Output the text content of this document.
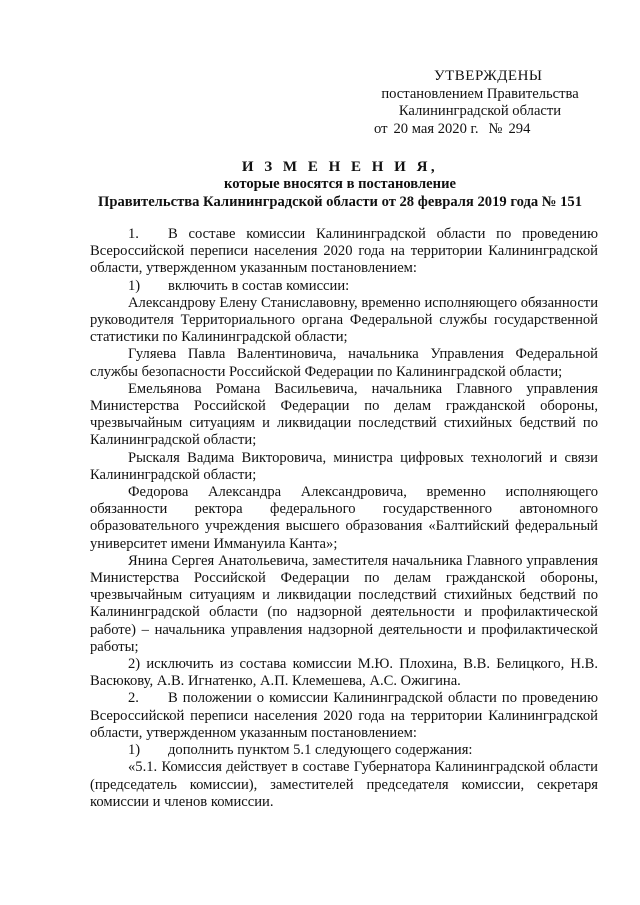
УТВЕРЖДЕНЫ
постановлением Правительства
Калининградской области
от 20 мая 2020 г. № 294
И З М Е Н Е Н И Я,
которые вносятся в постановление
Правительства Калининградской области от 28 февраля 2019 года № 151

1. В составе комиссии Калининградской области по проведению Всероссийской переписи населения 2020 года на территории Калининградской области, утвержденном указанным постановлением:

1) включить в состав комиссии:

Александрову Елену Станиславовну, временно исполняющего обязанности руководителя Территориального органа Федеральной службы государственной статистики по Калининградской области;

Гуляева Павла Валентиновича, начальника Управления Федеральной службы безопасности Российской Федерации по Калининградской области;

Емельянова Романа Васильевича, начальника Главного управления Министерства Российской Федерации по делам гражданской обороны, чрезвычайным ситуациям и ликвидации последствий стихийных бедствий по Калининградской области;

Рыскаля Вадима Викторовича, министра цифровых технологий и связи Калининградской области;

Федорова Александра Александровича, временно исполняющего обязанности ректора федерального государственного автономного образовательного учреждения высшего образования «Балтийский федеральный университет имени Иммануила Канта»;

Янина Сергея Анатольевича, заместителя начальника Главного управления Министерства Российской Федерации по делам гражданской обороны, чрезвычайным ситуациям и ликвидации последствий стихийных бедствий по Калининградской области (по надзорной деятельности и профилактической работе) – начальника управления надзорной деятельности и профилактической работы;

2) исключить из состава комиссии М.Ю. Плохина, В.В. Белицкого, Н.В. Васюкову, А.В. Игнатенко, А.П. Клемешева, А.С. Ожигина.

2. В положении о комиссии Калининградской области по проведению Всероссийской переписи населения 2020 года на территории Калининградской области, утвержденном указанным постановлением:

1) дополнить пунктом 5.1 следующего содержания:

«5.1. Комиссия действует в составе Губернатора Калининградской области (председатель комиссии), заместителей председателя комиссии, секретаря комиссии и членов комиссии.
